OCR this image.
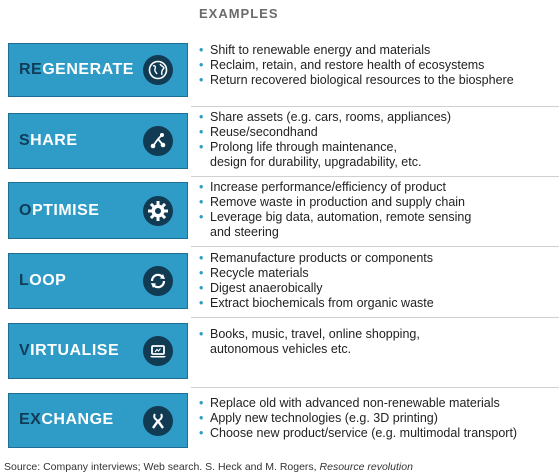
EXAMPLES
REGENERATE
• Shift to renewable energy and materials
• Reclaim, retain, and restore health of ecosystems
• Return recovered biological resources to the biosphere
SHARE
• Share assets (e.g. cars, rooms, appliances)
• Reuse/secondhand
• Prolong life through maintenance,
design for durability, upgradability, etc.
OPTIMISE
• Increase performance/efficiency of product
• Remove waste in production and supply chain
• Leverage big data, automation, remote sensing
and steering
LOOP
• Remanufacture products or components
• Recycle materials
• Digest anaerobically
• Extract biochemicals from organic waste
VIRTUALISE
• Books, music, travel, online shopping,
autonomous vehicles etc.
EXCHANGE
• Replace old with advanced non-renewable materials
• Apply new technologies (e.g. 3D printing)
• Choose new product/service (e.g. multimodal transport)
Source: Company interviews; Web search. S. Heck and M. Rogers, Resource revolution
